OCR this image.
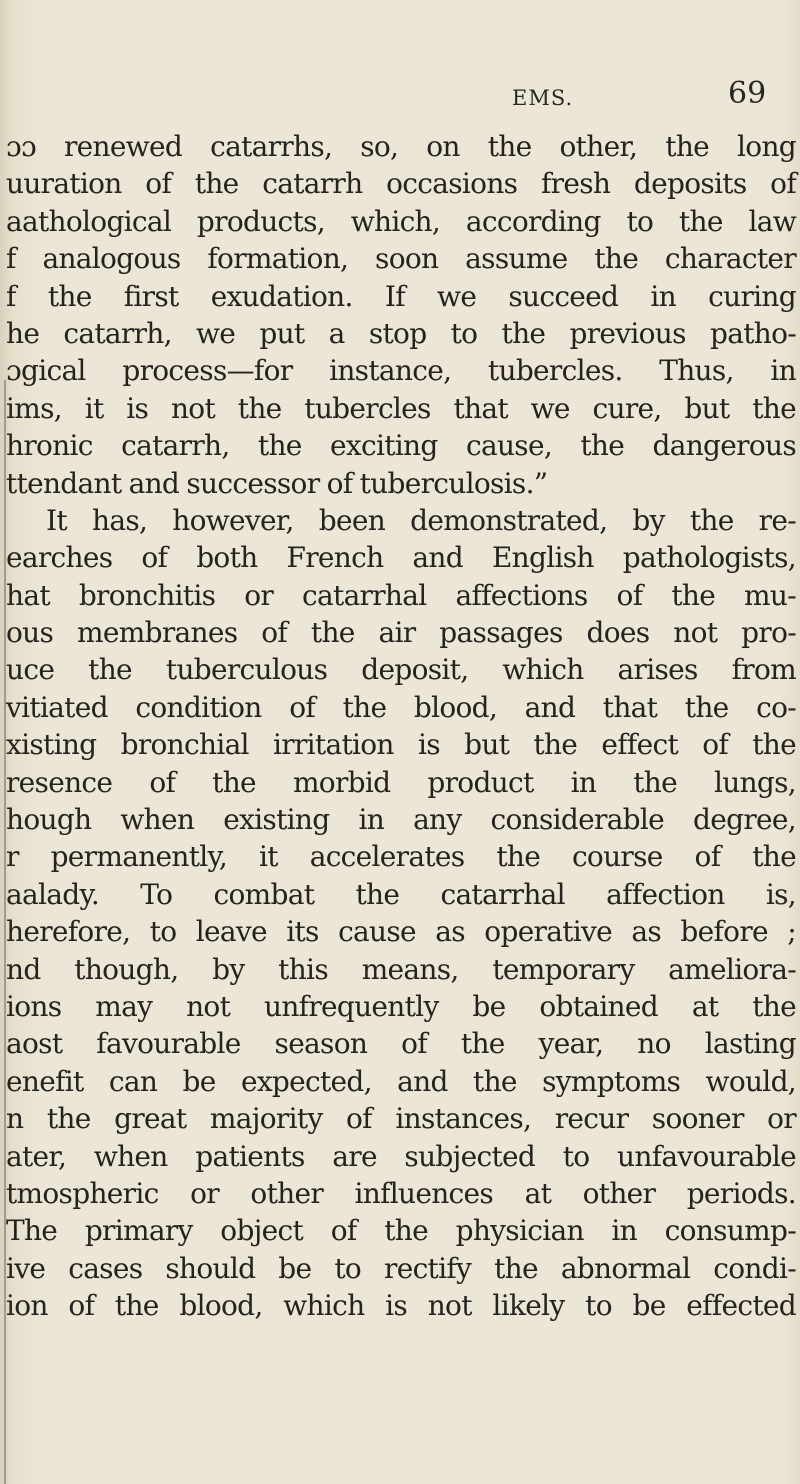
EMS.	69
ɔɔ renewed catarrhs, so, on the other, the long
uuration of the catarrh occasions fresh deposits of
aathological products, which, according to the law
f analogous formation, soon assume the character
f the first exudation. If we succeed in curing
he catarrh, we put a stop to the previous patho-
ɔgical process—for instance, tubercles. Thus, in
ims, it is not the tubercles that we cure, but the
hronic catarrh, the exciting cause, the dangerous
ttendant and successor of tuberculosis.”
It has, however, been demonstrated, by the re-
earches of both French and English pathologists,
hat bronchitis or catarrhal affections of the mu-
ous membranes of the air passages does not pro-
uce the tuberculous deposit, which arises from
vitiated condition of the blood, and that the co-
xisting bronchial irritation is but the effect of the
resence of the morbid product in the lungs,
hough when existing in any considerable degree,
r permanently, it accelerates the course of the
aalady. To combat the catarrhal affection is,
herefore, to leave its cause as operative as before ;
nd though, by this means, temporary ameliora-
ions may not unfrequently be obtained at the
aost favourable season of the year, no lasting
enefit can be expected, and the symptoms would,
n the great majority of instances, recur sooner or
ater, when patients are subjected to unfavourable
tmospheric or other influences at other periods.
The primary object of the physician in consump-
ive cases should be to rectify the abnormal condi-
ion of the blood, which is not likely to be effected
